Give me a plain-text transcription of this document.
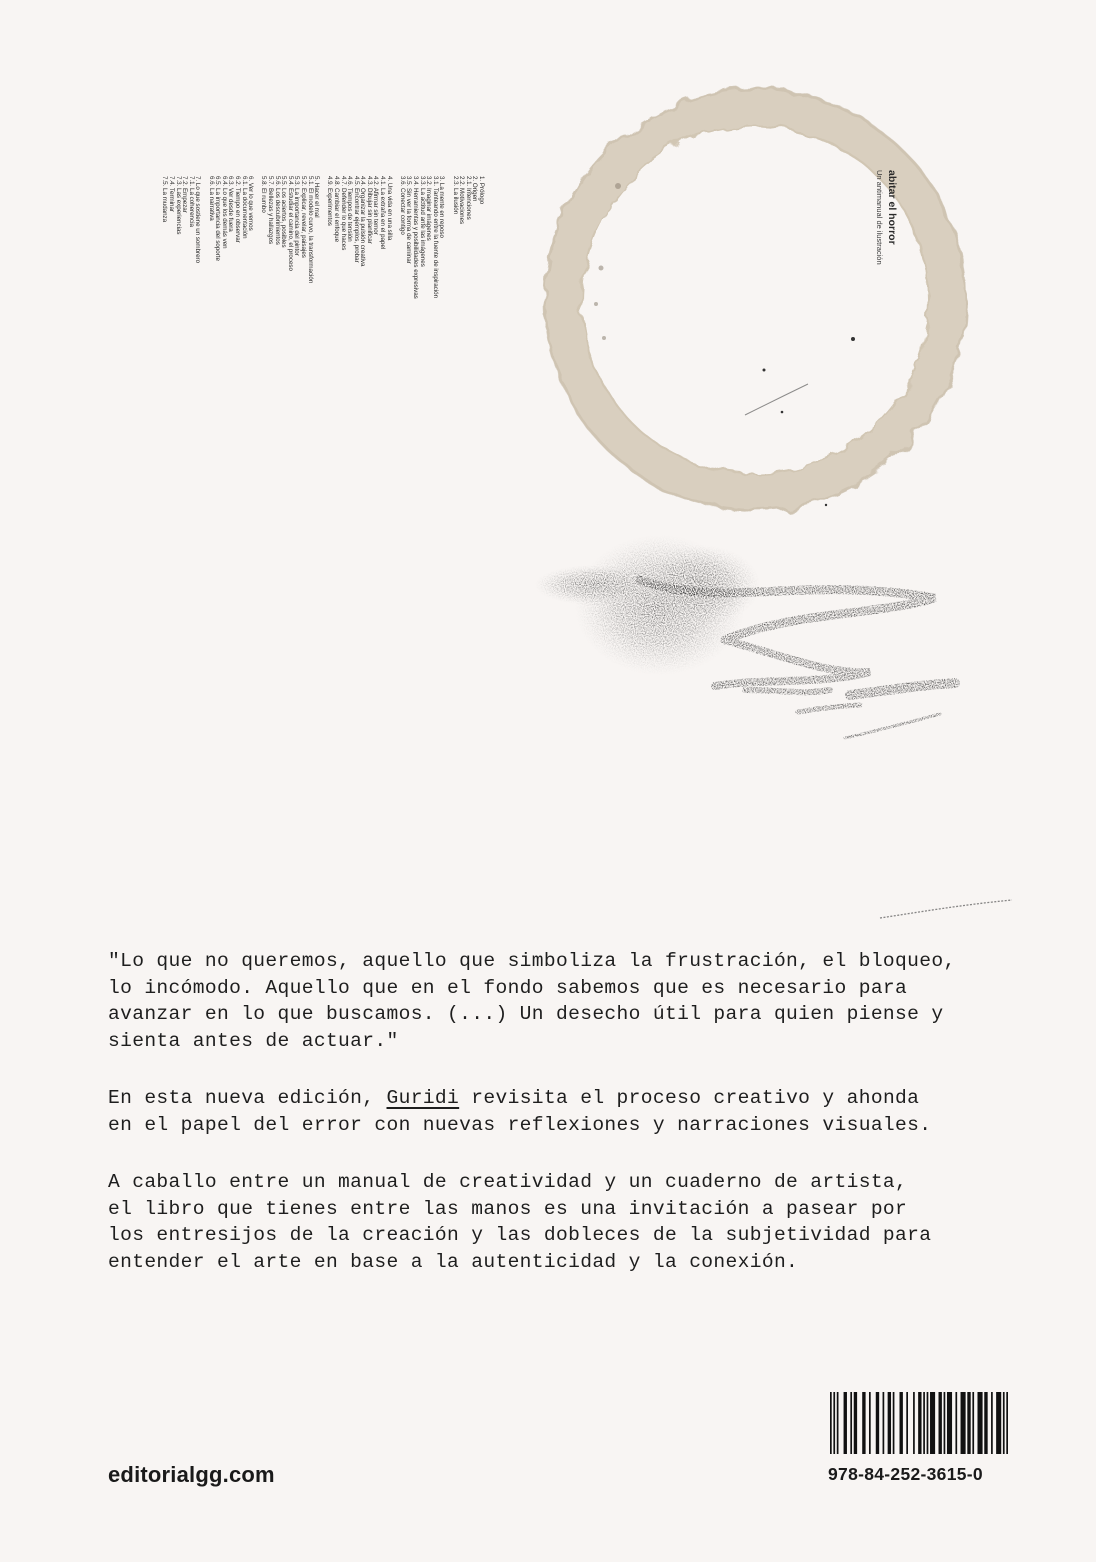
1. Prólogo
2. Origen
2.1. Intenciones
2.2. Motivaciones
2.3. La ilusión
3. La mente en reposo
3.1. Tanteando entre la fuente de inspiración
3.2. Imaginar imágenes
3.3. La actitud ante las imágenes
3.4. Herramientas y posibilidades expresivas
3.5. Sin ver la forma de caminar
3.6. Conectar contigo
4. Una vida en una silla
4.1. La extraña en el papel
4.2. Afirmar sin temor
4.3. Dibujar sin planificar
4.4. Organizar la pulsión creativa
4.5. Encontrar ejemplos, probar
4.6. Tiempos de tensión
4.7. Defender lo que haces
4.8. Cambiar el enfoque
4.9. Experimentos
5. Hacer el mal
5.1. El modelo curvo, la transformación
5.2. Explicar, revelar, paisajes
5.3. La importancia del pintor
5.4. Estudiar el camino, el proceso
5.5. Los aciertos, posibles
5.6. Los descubrimientos
5.7. Bellezas y hallazgos
5.8. El rumbo
6. Ver lo que vemos
6.1. La documentación
6.2. Tiempo en observar
6.3. Ver desde fuera
6.4. Lo que los demás ven
6.5. La importancia del soporte
6.6. La narrativa
7. Lo que sostiene un sombrero
7.1. La coherencia
7.2. Empezar
7.3. Las experiencias
7.4. Terminar
7.5. La mudanza	abitar el horror
Un antimanual de ilustración

"Lo que no queremos, aquello que simboliza la frustración, el bloqueo,
lo incómodo. Aquello que en el fondo sabemos que es necesario para
avanzar en lo que buscamos. (...) Un desecho útil para quien piense y
sienta antes de actuar."

En esta nueva edición, Guridi revisita el proceso creativo y ahonda
en el papel del error con nuevas reflexiones y narraciones visuales.

A caballo entre un manual de creatividad y un cuaderno de artista,
el libro que tienes entre las manos es una invitación a pasear por
los entresijos de la creación y las dobleces de la subjetividad para
entender el arte en base a la autenticidad y la conexión.

editorialgg.com	978-84-252-3615-0
